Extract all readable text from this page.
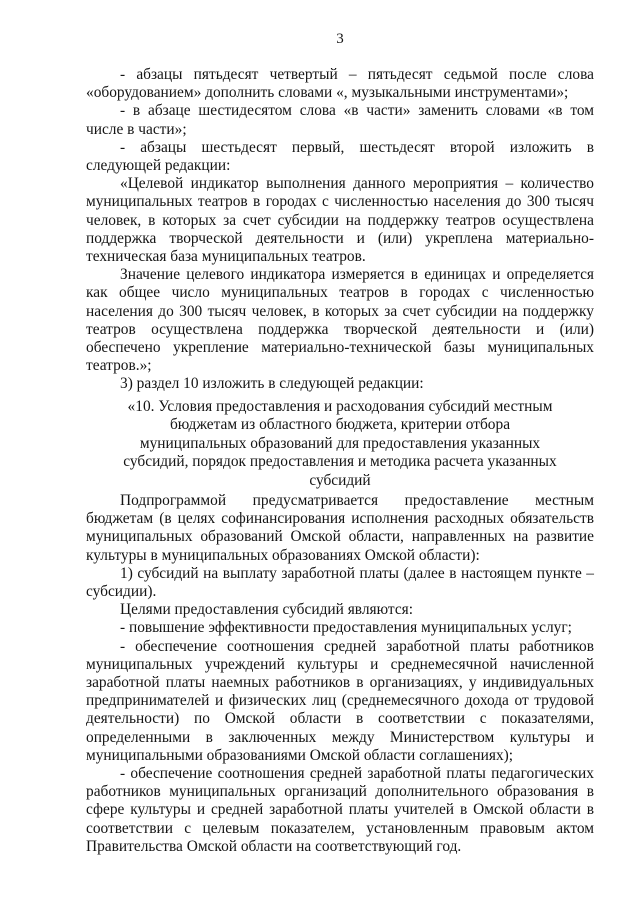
3

- абзацы пятьдесят четвертый – пятьдесят седьмой после слова «оборудованием» дополнить словами «, музыкальными инструментами»;

- в абзаце шестидесятом слова «в части» заменить словами «в том числе в части»;

- абзацы шестьдесят первый, шестьдесят второй изложить в следующей редакции:

«Целевой индикатор выполнения данного мероприятия – количество муниципальных театров в городах с численностью населения до 300 тысяч человек, в которых за счет субсидии на поддержку театров осуществлена поддержка творческой деятельности и (или) укреплена материально-техническая база муниципальных театров.

Значение целевого индикатора измеряется в единицах и определяется как общее число муниципальных театров в городах с численностью населения до 300 тысяч человек, в которых за счет субсидии на поддержку театров осуществлена поддержка творческой деятельности и (или) обеспечено укрепление материально-технической базы муниципальных театров.»;

3) раздел 10 изложить в следующей редакции:

«10. Условия предоставления и расходования субсидий местным бюджетам из областного бюджета, критерии отбора муниципальных образований для предоставления указанных субсидий, порядок предоставления и методика расчета указанных субсидий

Подпрограммой предусматривается предоставление местным бюджетам (в целях софинансирования исполнения расходных обязательств муниципальных образований Омской области, направленных на развитие культуры в муниципальных образованиях Омской области):

1) субсидий на выплату заработной платы (далее в настоящем пункте – субсидии).

Целями предоставления субсидий являются:

- повышение эффективности предоставления муниципальных услуг;

- обеспечение соотношения средней заработной платы работников муниципальных учреждений культуры и среднемесячной начисленной заработной платы наемных работников в организациях, у индивидуальных предпринимателей и физических лиц (среднемесячного дохода от трудовой деятельности) по Омской области в соответствии с показателями, определенными в заключенных между Министерством культуры и муниципальными образованиями Омской области соглашениях);

- обеспечение соотношения средней заработной платы педагогических работников муниципальных организаций дополнительного образования в сфере культуры и средней заработной платы учителей в Омской области в соответствии с целевым показателем, установленным правовым актом Правительства Омской области на соответствующий год.
